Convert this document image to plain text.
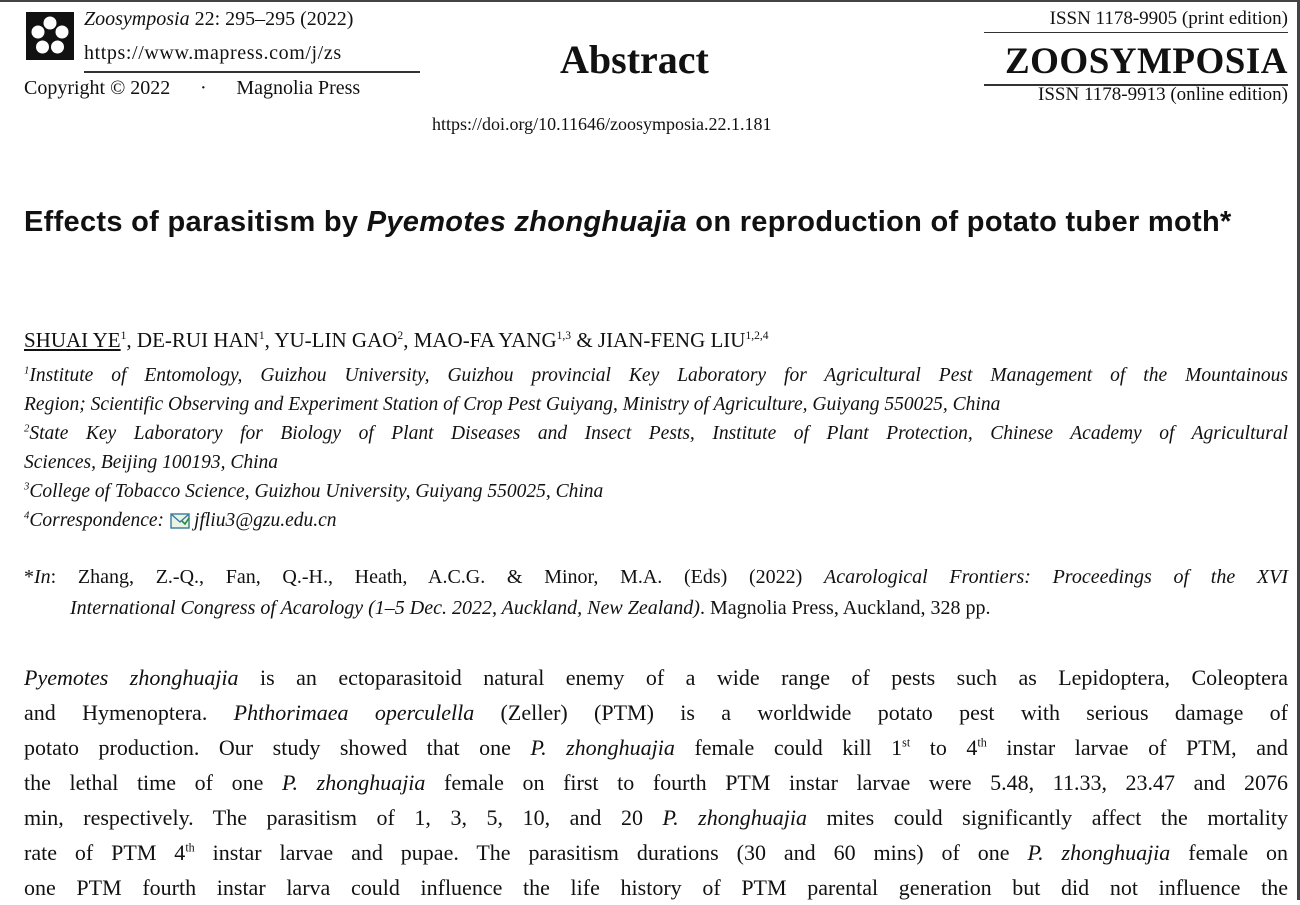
Zoosymposia 22: 295–295 (2022)
https://www.mapress.com/j/zs
Copyright © 2022 · Magnolia Press
Abstract
https://doi.org/10.11646/zoosymposia.22.1.181
ISSN 1178-9905 (print edition)
ZOOSYMPOSIA
ISSN 1178-9913 (online edition)
Effects of parasitism by Pyemotes zhonghuajia on reproduction of potato tuber moth*
SHUAI $YE^1$, DE-RUI HAN$^1$, YU-LIN GAO$^2$, MAO-FA YANG$^{1,3}$ & JIAN-FENG LIU$^{1,2,4}$
$^1$Institute of Entomology, Guizhou University, Guizhou provincial Key Laboratory for Agricultural Pest Management of the Mountainous
Region; Scientific Observing and Experiment Station of Crop Pest Guiyang, Ministry of Agriculture, Guiyang 550025, China
$^2$State Key Laboratory for Biology of Plant Diseases and Insect Pests, Institute of Plant Protection, Chinese Academy of Agricultural
Sciences, Beijing 100193, China
$^3$College of Tobacco Science, Guizhou University, Guiyang 550025, China
$^4$Correspondence: jfliu3@gzu.edu.cn
*In: Zhang, Z.-Q., Fan, Q.-H., Heath, A.C.G. & Minor, M.A. (Eds) (2022) Acarological Frontiers: Proceedings of the XVI
International Congress of Acarology (1–5 Dec. 2022, Auckland, New Zealand). Magnolia Press, Auckland, 328 pp.
Pyemotes zhonghuajia is an ectoparasitoid natural enemy of a wide range of pests such as Lepidoptera, Coleoptera
and Hymenoptera. Phthorimaea operculella (Zeller) (PTM) is a worldwide potato pest with serious damage of
potato production. Our study showed that one P. zhonghuajia female could kill 1st to 4th instar larvae of PTM, and
the lethal time of one P. zhonghuajia female on first to fourth PTM instar larvae were 5.48, 11.33, 23.47 and 2076
min, respectively. The parasitism of 1, 3, 5, 10, and 20 P. zhonghuajia mites could significantly affect the mortality
rate of PTM 4th instar larvae and pupae. The parasitism durations (30 and 60 mins) of one P. zhonghuajia female on
one PTM fourth instar larva could influence the life history of PTM parental generation but did not influence the
